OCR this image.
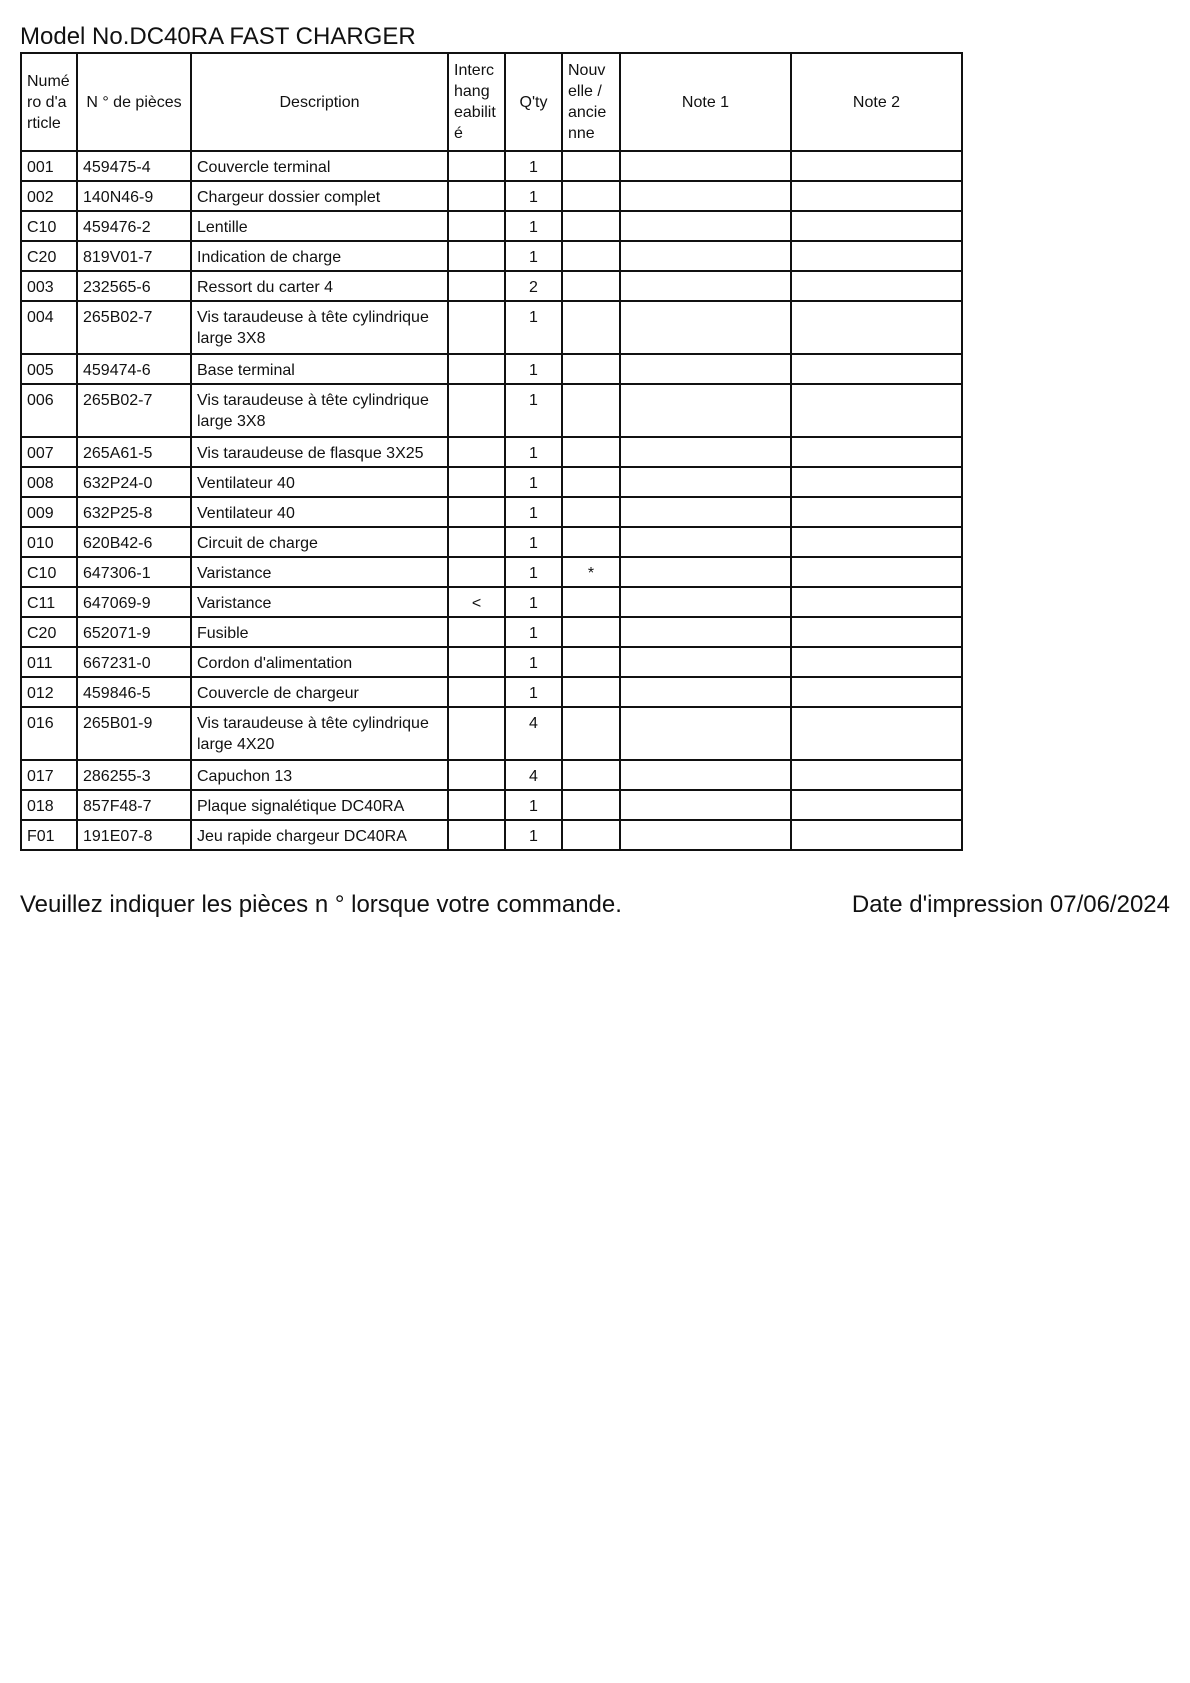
Model No.DC40RA FAST CHARGER
Numé ro d'a rticle	N ° de pièces	Description	Interc hang eabilit é	Q'ty	Nouv elle / ancie nne	Note 1	Note 2
001	459475-4	Couvercle terminal		1			
002	140N46-9	Chargeur dossier complet		1			
C10	459476-2	Lentille		1			
C20	819V01-7	Indication de charge		1			
003	232565-6	Ressort du carter 4		2			
004	265B02-7	Vis taraudeuse à tête cylindrique large 3X8		1			
005	459474-6	Base terminal		1			
006	265B02-7	Vis taraudeuse à tête cylindrique large 3X8		1			
007	265A61-5	Vis taraudeuse de flasque 3X25		1			
008	632P24-0	Ventilateur 40		1			
009	632P25-8	Ventilateur 40		1			
010	620B42-6	Circuit de charge		1			
C10	647306-1	Varistance		1	*		
C11	647069-9	Varistance	<	1			
C20	652071-9	Fusible		1			
011	667231-0	Cordon d'alimentation		1			
012	459846-5	Couvercle de chargeur		1			
016	265B01-9	Vis taraudeuse à tête cylindrique large 4X20		4			
017	286255-3	Capuchon 13		4			
018	857F48-7	Plaque signalétique DC40RA		1			
F01	191E07-8	Jeu rapide chargeur DC40RA		1			
Veuillez indiquer les pièces n ° lorsque votre commande.	Date d'impression 07/06/2024
